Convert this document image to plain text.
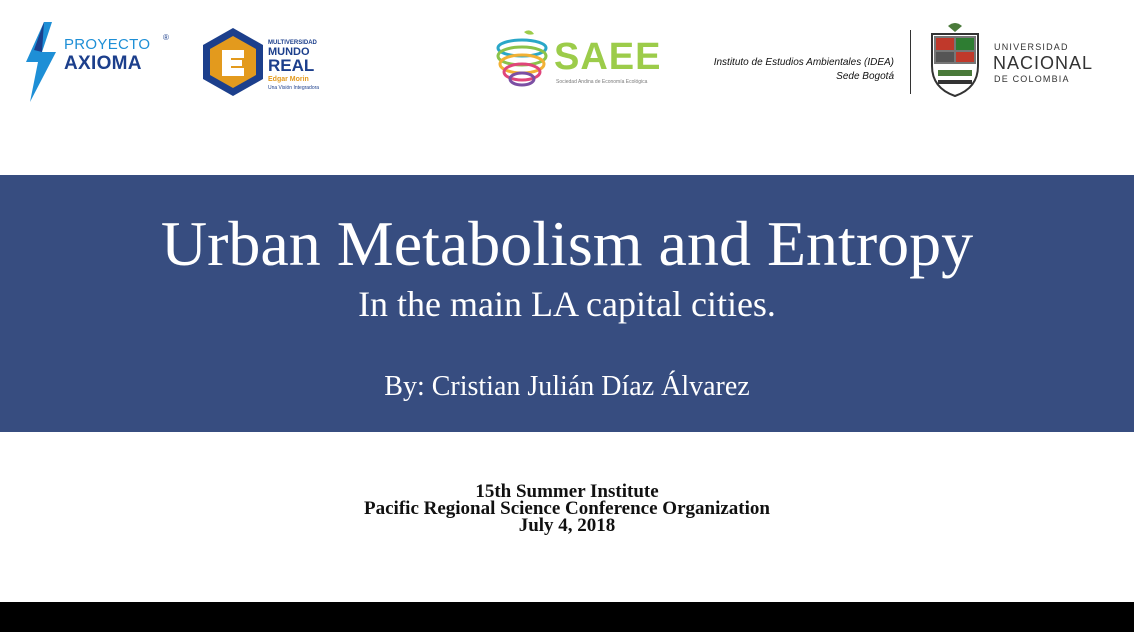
PROYECTO
AXIOMA
®
MULTIVERSIDAD
MUNDO
REAL
Edgar Morin
Una Visión Integradora
SAEE
Sociedad Andina de Economía Ecológica
Instituto de Estudios Ambientales (IDEA)
Sede Bogotá
UNIVERSIDAD
NACIONAL
DE COLOMBIA
Urban Metabolism and Entropy
In the main LA capital cities.
By: Cristian Julián Díaz Álvarez
15th Summer Institute
Pacific Regional Science Conference Organization
July 4, 2018
